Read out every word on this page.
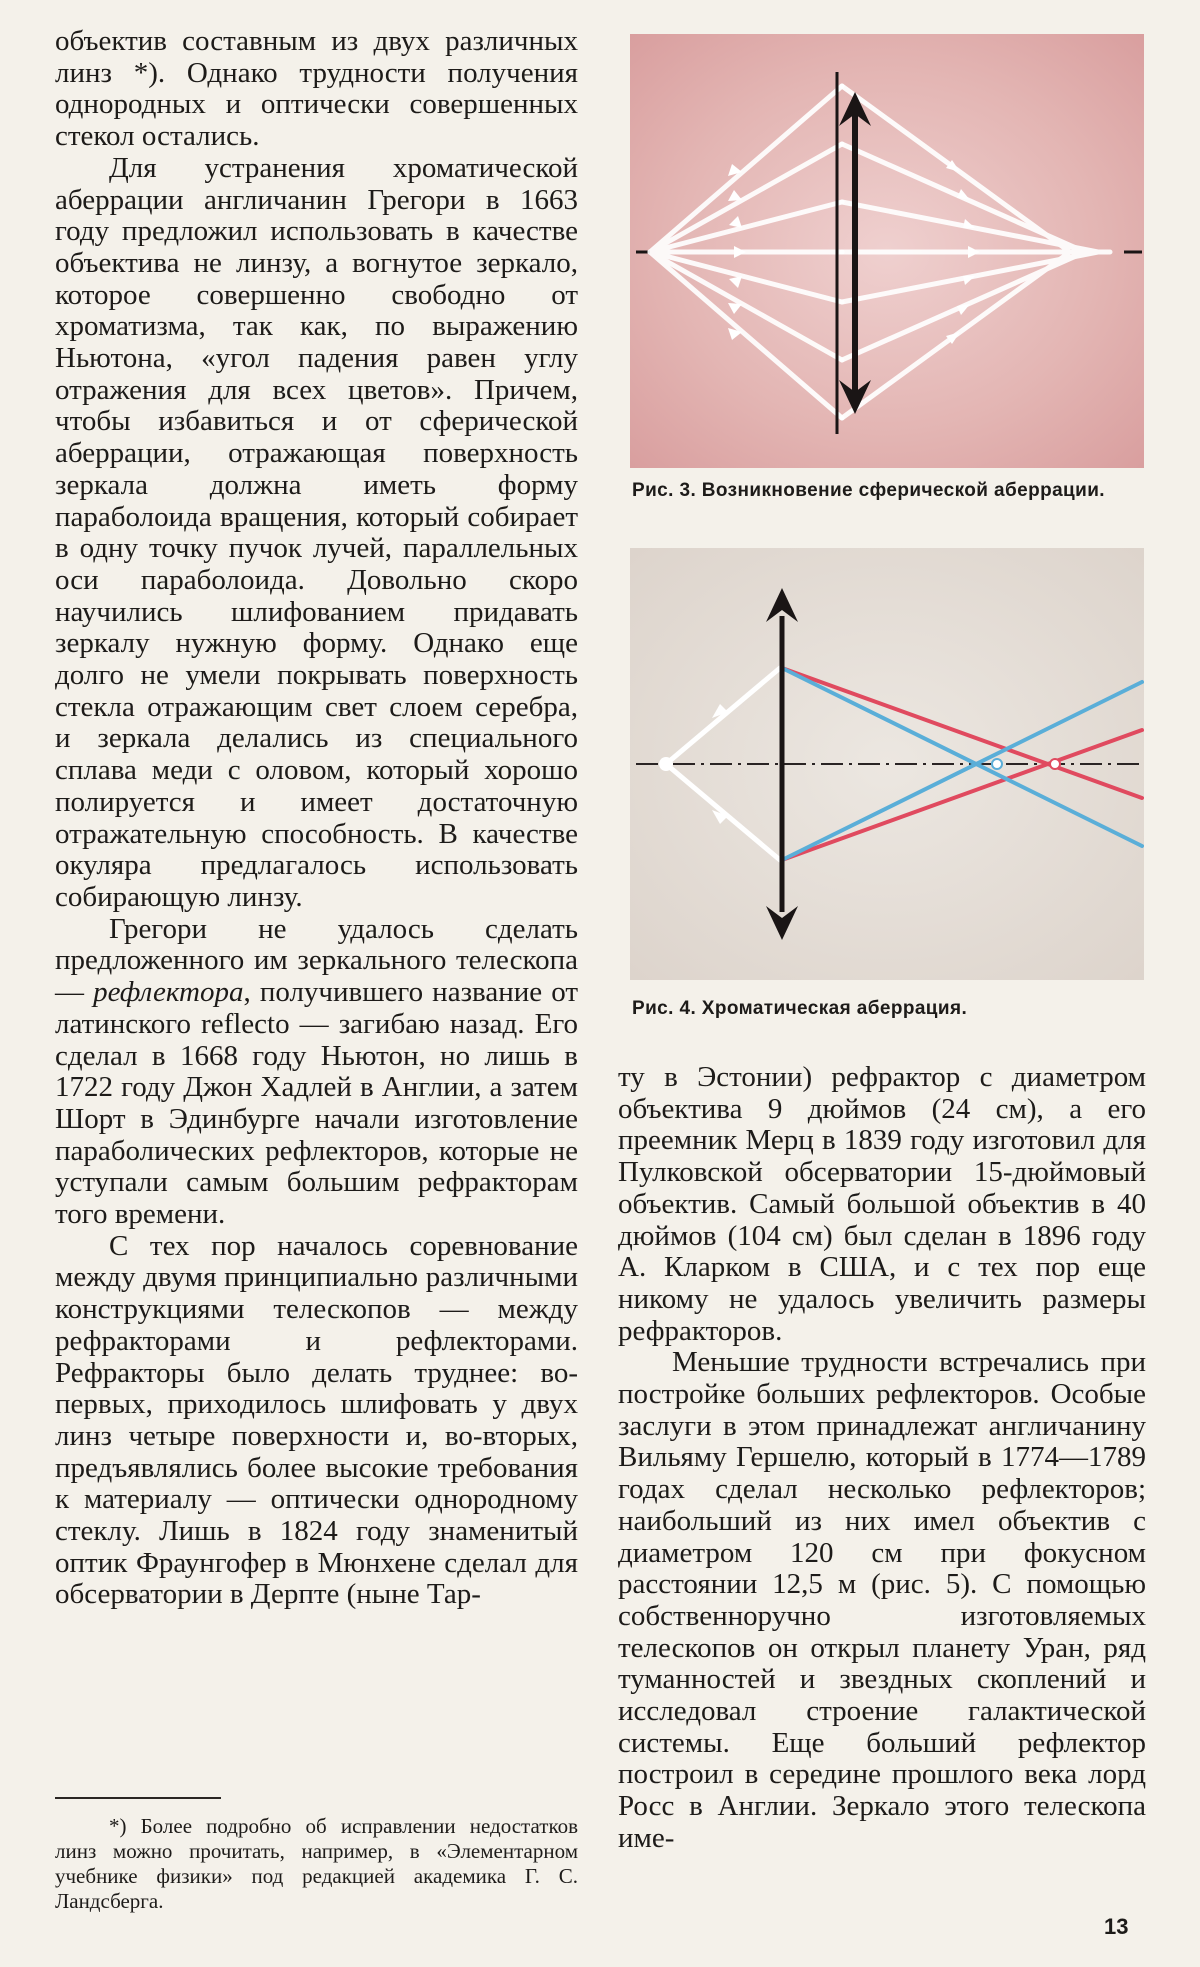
объектив составным из двух различных линз *). Однако трудности получения однородных и оптически совершенных стекол остались.

Для устранения хроматической аберрации англичанин Грегори в 1663 году предложил использовать в качестве объектива не линзу, а вогнутое зеркало, которое совершенно свободно от хроматизма, так как, по выражению Ньютона, «угол падения равен углу отражения для всех цветов». Причем, чтобы избавиться и от сферической аберрации, отражающая поверхность зеркала должна иметь форму параболоида вращения, который собирает в одну точку пучок лучей, параллельных оси параболоида. Довольно скоро научились шлифованием придавать зеркалу нужную форму. Однако еще долго не умели покрывать поверхность стекла отражающим свет слоем серебра, и зеркала делались из специального сплава меди с оловом, который хорошо полируется и имеет достаточную отражательную способность. В качестве окуляра предлагалось использовать собирающую линзу.

Грегори не удалось сделать предложенного им зеркального телескопа — рефлектора, получившего название от латинского reflecto — загибаю назад. Его сделал в 1668 году Ньютон, но лишь в 1722 году Джон Хадлей в Англии, а затем Шорт в Эдинбурге начали изготовление параболических рефлекторов, которые не уступали самым большим рефракторам того времени.

С тех пор началось соревнование между двумя принципиально различными конструкциями телескопов — между рефракторами и рефлекторами. Рефракторы было делать труднее: во-первых, приходилось шлифовать у двух линз четыре поверхности и, во-вторых, предъявлялись более высокие требования к материалу — оптически однородному стеклу. Лишь в 1824 году знаменитый оптик Фраунгофер в Мюнхене сделал для обсерватории в Дерпте (ныне Тар-

*) Более подробно об исправлении недостатков линз можно прочитать, например, в «Элементарном учебнике физики» под редакцией академика Г. С. Ландсберга.

Рис. 3. Возникновение сферической аберрации.
Рис. 4. Хроматическая аберрация.

ту в Эстонии) рефрактор с диаметром объектива 9 дюймов (24 см), а его преемник Мерц в 1839 году изготовил для Пулковской обсерватории 15-дюймовый объектив. Самый большой объектив в 40 дюймов (104 см) был сделан в 1896 году А. Кларком в США, и с тех пор еще никому не удалось увеличить размеры рефракторов.

Меньшие трудности встречались при постройке больших рефлекторов. Особые заслуги в этом принадлежат англичанину Вильяму Гершелю, который в 1774—1789 годах сделал несколько рефлекторов; наибольший из них имел объектив с диаметром 120 см при фокусном расстоянии 12,5 м (рис. 5). С помощью собственноручно изготовляемых телескопов он открыл планету Уран, ряд туманностей и звездных скоплений и исследовал строение галактической системы. Еще больший рефлектор построил в середине прошлого века лорд Росс в Англии. Зеркало этого телескопа име-

13
